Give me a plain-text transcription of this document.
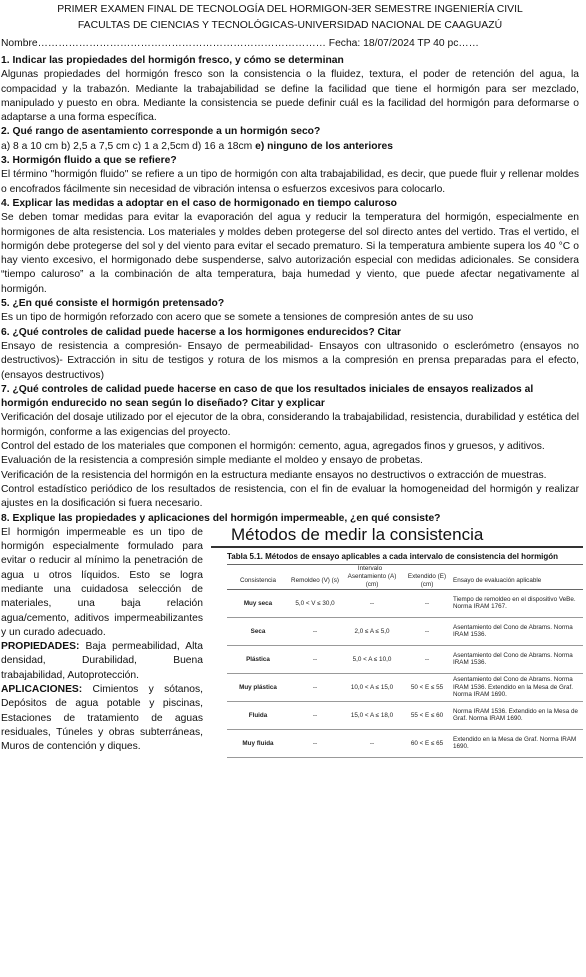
PRIMER EXAMEN FINAL DE TECNOLOGÍA DEL HORMIGON-3ER SEMESTRE INGENIERÍA CIVIL
FACULTAS DE CIENCIAS Y TECNOLÓGICAS-UNIVERSIDAD NACIONAL DE CAAGUAZÚ
Nombre………………………………………………………………………… Fecha: 18/07/2024 TP 40 pc……

1. Indicar las propiedades del hormigón fresco, y cómo se determinan

Algunas propiedades del hormigón fresco son la consistencia o la fluidez, textura, el poder de retención del agua, la compacidad y la trabazón. Mediante la trabajabilidad se define la facilidad que tiene el hormigón para ser mezclado, manipulado y puesto en obra. Mediante la consistencia se puede definir cuál es la facilidad del hormigón para deformarse o adaptarse a una forma específica.

2. Qué rango de asentamiento corresponde a un hormigón seco?

a) 8 a 10 cm b) 2,5 a 7,5 cm c) 1 a 2,5cm d) 16 a 18cm e) ninguno de los anteriores

3. Hormigón fluido a que se refiere?

El término "hormigón fluido" se refiere a un tipo de hormigón con alta trabajabilidad, es decir, que puede fluir y rellenar moldes o encofrados fácilmente sin necesidad de vibración intensa o esfuerzos excesivos para colocarlo.

4. Explicar las medidas a adoptar en el caso de hormigonado en tiempo caluroso

Se deben tomar medidas para evitar la evaporación del agua y reducir la temperatura del hormigón, especialmente en hormigones de alta resistencia. Los materiales y moldes deben protegerse del sol directo antes del vertido. Tras el vertido, el hormigón debe protegerse del sol y del viento para evitar el secado prematuro. Si la temperatura ambiente supera los 40 °C o hay viento excesivo, el hormigonado debe suspenderse, salvo autorización especial con medidas adicionales. Se considera “tiempo caluroso” a la combinación de alta temperatura, baja humedad y viento, que puede afectar negativamente al hormigón.

5. ¿En qué consiste el hormigón pretensado?

Es un tipo de hormigón reforzado con acero que se somete a tensiones de compresión antes de su uso

6. ¿Qué controles de calidad puede hacerse a los hormigones endurecidos? Citar

Ensayo de resistencia a compresión- Ensayo de permeabilidad- Ensayos con ultrasonido o esclerómetro (ensayos no destructivos)- Extracción in situ de testigos y rotura de los mismos a la compresión en prensa preparadas para el efecto, (ensayos destructivos)

7. ¿Qué controles de calidad puede hacerse en caso de que los resultados iniciales de ensayos realizados al hormigón endurecido no sean según lo diseñado? Citar y explicar

Verificación del dosaje utilizado por el ejecutor de la obra, considerando la trabajabilidad, resistencia, durabilidad y estética del hormigón, conforme a las exigencias del proyecto.

Control del estado de los materiales que componen el hormigón: cemento, agua, agregados finos y gruesos, y aditivos.

Evaluación de la resistencia a compresión simple mediante el moldeo y ensayo de probetas.

Verificación de la resistencia del hormigón en la estructura mediante ensayos no destructivos o extracción de muestras.

Control estadístico periódico de los resultados de resistencia, con el fin de evaluar la homogeneidad del hormigón y realizar ajustes en la dosificación si fuera necesario.

8. Explique las propiedades y aplicaciones del hormigón impermeable, ¿en qué consiste?

El hormigón impermeable es un tipo de hormigón especialmente formulado para evitar o reducir al mínimo la penetración de agua u otros líquidos. Esto se logra mediante una cuidadosa selección de materiales, una baja relación agua/cemento, aditivos impermeabilizantes y un curado adecuado.

PROPIEDADES: Baja permeabilidad, Alta densidad, Durabilidad, Buena trabajabilidad, Autoprotección.

APLICACIONES: Cimientos y sótanos, Depósitos de agua potable y piscinas, Estaciones de tratamiento de aguas residuales, Túneles y obras subterráneas, Muros de contención y diques.

Métodos de medir la consistencia
Tabla 5.1. Métodos de ensayo aplicables a cada intervalo de consistencia del hormigón
	Intervalo			
Consistencia	Remoldeo (V) (s)	Asentamiento (A) (cm)	Extendido (E) (cm)	Ensayo de evaluación aplicable
Muy seca	5,0 < V ≤ 30,0	--	--	Tiempo de remoldeo en el dispositivo VeBe. Norma IRAM 1767.
Seca	--	2,0 ≤ A ≤ 5,0	--	Asentamiento del Cono de Abrams. Norma IRAM 1536.
Plástica	--	5,0 < A ≤ 10,0	--	Asentamiento del Cono de Abrams. Norma IRAM 1536.
Muy plástica	--	10,0 < A ≤ 15,0	50 < E ≤ 55	Asentamiento del Cono de Abrams. Norma IRAM 1536. Extendido en la Mesa de Graf. Norma IRAM 1690.
Fluida	--	15,0 < A ≤ 18,0	55 < E ≤ 60	Norma IRAM 1536. Extendido en la Mesa de Graf. Norma IRAM 1690.
Muy fluida	--	--	60 < E ≤ 65	Extendido en la Mesa de Graf. Norma IRAM 1690.
